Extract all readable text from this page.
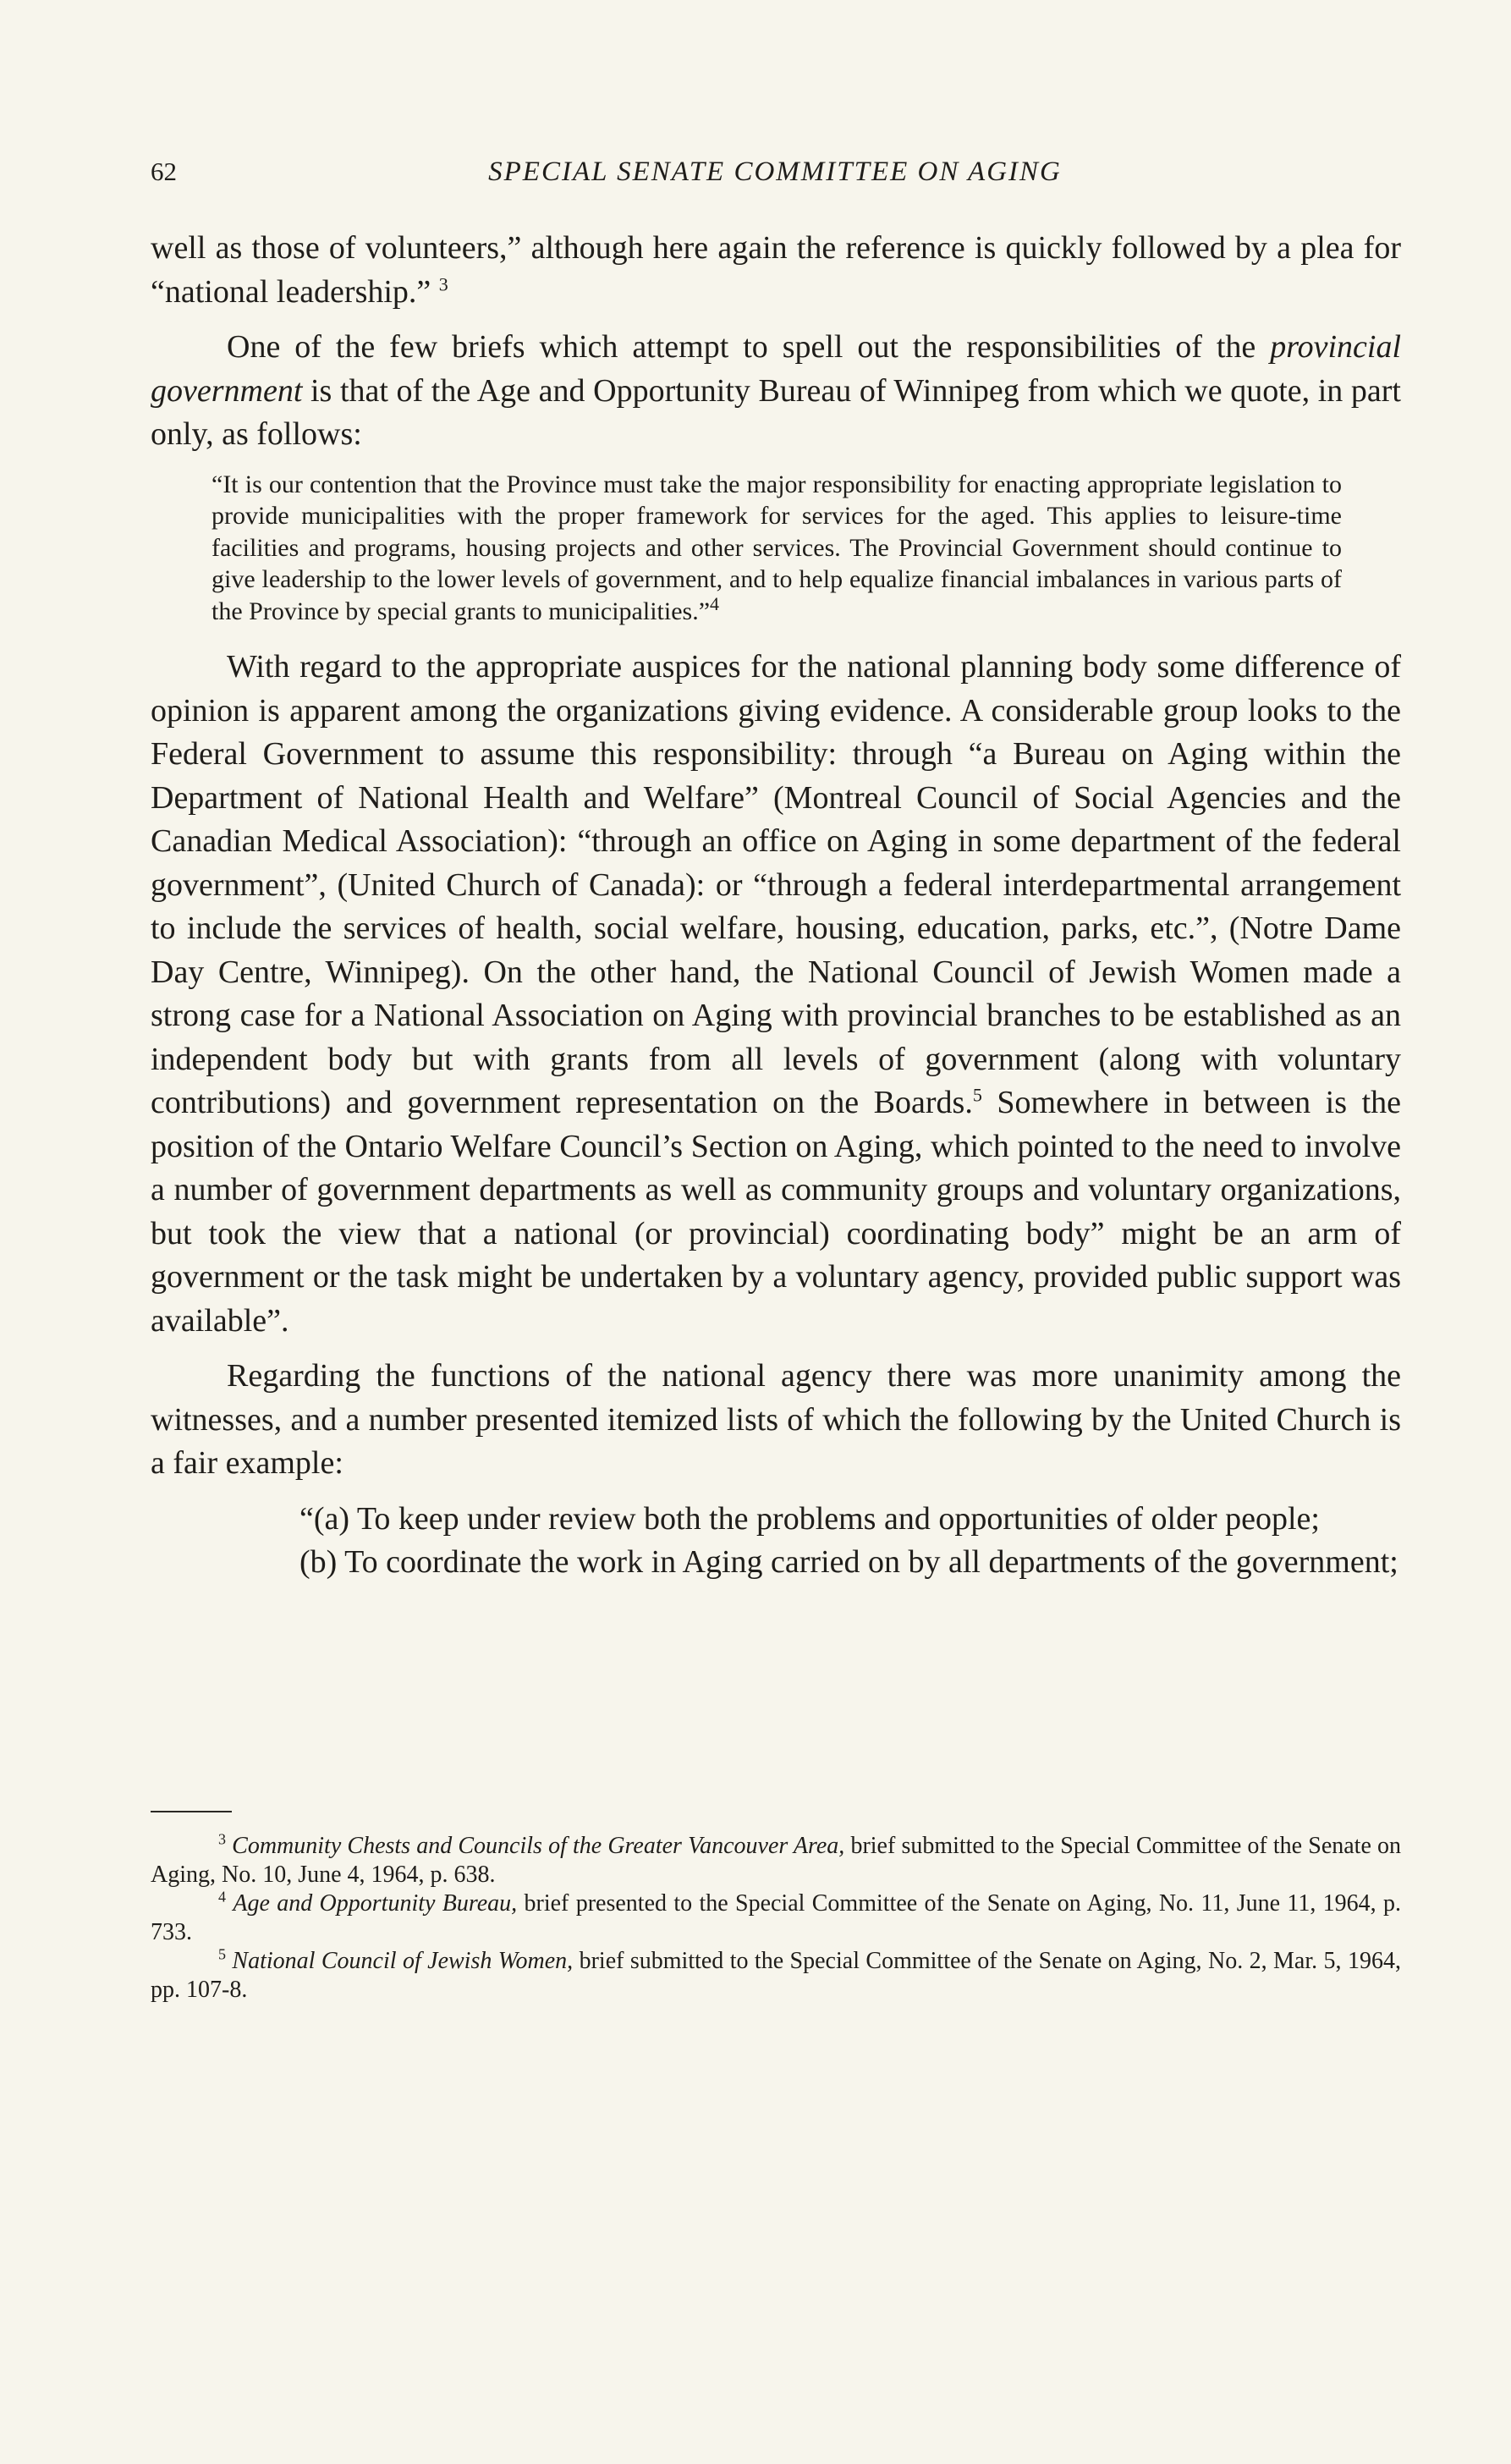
62	SPECIAL SENATE COMMITTEE ON AGING

well as those of volunteers,” although here again the reference is quickly followed by a plea for “national leadership.” $^3$

One of the few briefs which attempt to spell out the responsibilities of the provincial government is that of the Age and Opportunity Bureau of Winnipeg from which we quote, in part only, as follows:

“It is our contention that the Province must take the major responsibility for enacting appropriate legislation to provide municipalities with the proper framework for services for the aged. This applies to leisure-time facilities and programs, housing projects and other services. The Provincial Government should continue to give leadership to the lower levels of government, and to help equalize financial imbalances in various parts of the Province by special grants to municipalities.”$^4$

With regard to the appropriate auspices for the national planning body some difference of opinion is apparent among the organizations giving evidence. A considerable group looks to the Federal Government to assume this responsibility: through “a Bureau on Aging within the Department of National Health and Welfare” (Montreal Council of Social Agencies and the Canadian Medical Association): “through an office on Aging in some department of the federal government”, (United Church of Canada): or “through a federal interdepartmental arrangement to include the services of health, social welfare, housing, education, parks, etc.”, (Notre Dame Day Centre, Winnipeg). On the other hand, the National Council of Jewish Women made a strong case for a National Association on Aging with provincial branches to be established as an independent body but with grants from all levels of government (along with voluntary contributions) and government representation on the Boards.$^5$ Somewhere in between is the position of the Ontario Welfare Council’s Section on Aging, which pointed to the need to involve a number of government departments as well as community groups and voluntary organizations, but took the view that a national (or provincial) coordinating body” might be an arm of government or the task might be undertaken by a voluntary agency, provided public support was available”.

Regarding the functions of the national agency there was more unanimity among the witnesses, and a number presented itemized lists of which the following by the United Church is a fair example:

“(a) To keep under review both the problems and opportunities of older people;

(b) To coordinate the work in Aging carried on by all departments of the government;

$^3$ Community Chests and Councils of the Greater Vancouver Area, brief submitted to the Special Committee of the Senate on Aging, No. 10, June 4, 1964, p. 638.

$^4$ Age and Opportunity Bureau, brief presented to the Special Committee of the Senate on Aging, No. 11, June 11, 1964, p. 733.

$^5$ National Council of Jewish Women, brief submitted to the Special Committee of the Senate on Aging, No. 2, Mar. 5, 1964, pp. 107-8.
